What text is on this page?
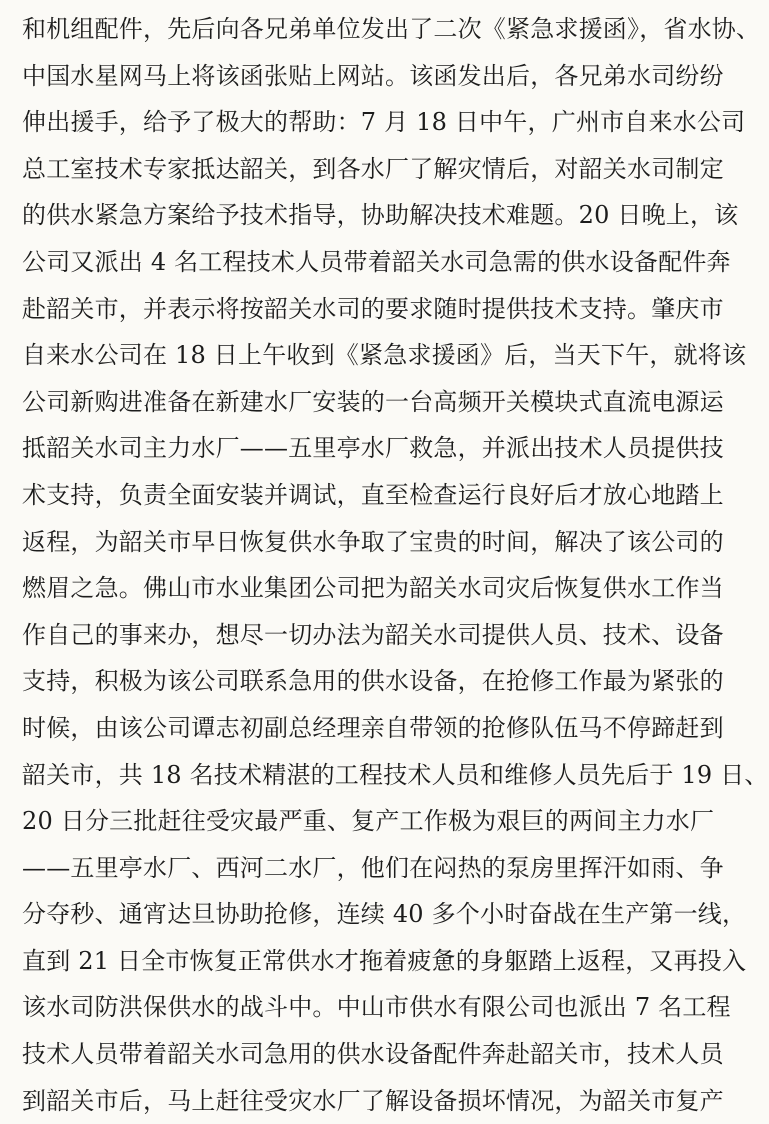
和机组配件，先后向各兄弟单位发出了二次《紧急求援函》，省水协、
中国水星网马上将该函张贴上网站。该函发出后，各兄弟水司纷纷
伸出援手，给予了极大的帮助：7 月 18 日中午，广州市自来水公司
总工室技术专家抵达韶关，到各水厂了解灾情后，对韶关水司制定
的供水紧急方案给予技术指导，协助解决技术难题。20 日晚上，该
公司又派出 4 名工程技术人员带着韶关水司急需的供水设备配件奔
赴韶关市，并表示将按韶关水司的要求随时提供技术支持。肇庆市
自来水公司在 18 日上午收到《紧急求援函》后，当天下午，就将该
公司新购进准备在新建水厂安装的一台高频开关模块式直流电源运
抵韶关水司主力水厂——五里亭水厂救急，并派出技术人员提供技
术支持，负责全面安装并调试，直至检查运行良好后才放心地踏上
返程，为韶关市早日恢复供水争取了宝贵的时间，解决了该公司的
燃眉之急。佛山市水业集团公司把为韶关水司灾后恢复供水工作当
作自己的事来办，想尽一切办法为韶关水司提供人员、技术、设备
支持，积极为该公司联系急用的供水设备，在抢修工作最为紧张的
时候，由该公司谭志初副总经理亲自带领的抢修队伍马不停蹄赶到
韶关市，共 18 名技术精湛的工程技术人员和维修人员先后于 19 日、
20 日分三批赶往受灾最严重、复产工作极为艰巨的两间主力水厂
——五里亭水厂、西河二水厂，他们在闷热的泵房里挥汗如雨、争
分夺秒、通宵达旦协助抢修，连续 40 多个小时奋战在生产第一线，
直到 21 日全市恢复正常供水才拖着疲惫的身躯踏上返程，又再投入
该水司防洪保供水的战斗中。中山市供水有限公司也派出 7 名工程
技术人员带着韶关水司急用的供水设备配件奔赴韶关市，技术人员
到韶关市后，马上赶往受灾水厂了解设备损坏情况，为韶关市复产
